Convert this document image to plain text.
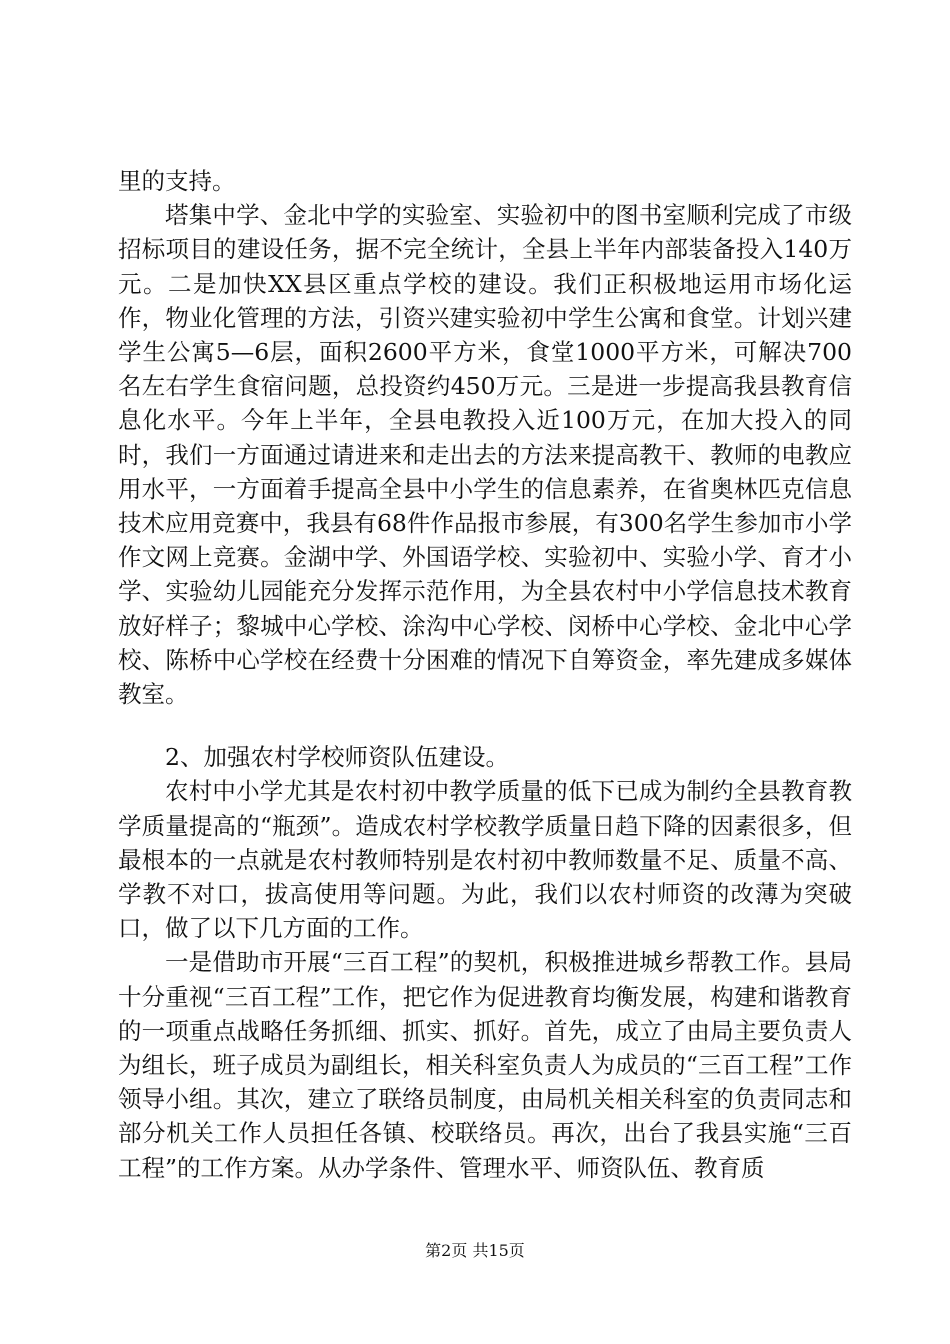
里的支持。

塔集中学、金北中学的实验室、实验初中的图书室顺利完成了市级招标项目的建设任务，据不完全统计，全县上半年内部装备投入140万元。二是加快XX县区重点学校的建设。我们正积极地运用市场化运作，物业化管理的方法，引资兴建实验初中学生公寓和食堂。计划兴建学生公寓5—6层，面积2600平方米，食堂1000平方米，可解决700名左右学生食宿问题，总投资约450万元。三是进一步提高我县教育信息化水平。今年上半年，全县电教投入近100万元，在加大投入的同时，我们一方面通过请进来和走出去的方法来提高教干、教师的电教应用水平，一方面着手提高全县中小学生的信息素养，在省奥林匹克信息技术应用竞赛中，我县有68件作品报市参展，有300名学生参加市小学作文网上竞赛。金湖中学、外国语学校、实验初中、实验小学、育才小学、实验幼儿园能充分发挥示范作用，为全县农村中小学信息技术教育放好样子；黎城中心学校、涂沟中心学校、闵桥中心学校、金北中心学校、陈桥中心学校在经费十分困难的情况下自筹资金，率先建成多媒体教室。

2、加强农村学校师资队伍建设。

农村中小学尤其是农村初中教学质量的低下已成为制约全县教育教学质量提高的“瓶颈”。造成农村学校教学质量日趋下降的因素很多，但最根本的一点就是农村教师特别是农村初中教师数量不足、质量不高、学教不对口，拔高使用等问题。为此，我们以农村师资的改薄为突破口，做了以下几方面的工作。

一是借助市开展“三百工程”的契机，积极推进城乡帮教工作。县局十分重视“三百工程”工作，把它作为促进教育均衡发展，构建和谐教育的一项重点战略任务抓细、抓实、抓好。首先，成立了由局主要负责人为组长，班子成员为副组长，相关科室负责人为成员的“三百工程”工作领导小组。其次，建立了联络员制度，由局机关相关科室的负责同志和部分机关工作人员担任各镇、校联络员。再次，出台了我县实施“三百工程”的工作方案。从办学条件、管理水平、师资队伍、教育质

第2页 共15页
